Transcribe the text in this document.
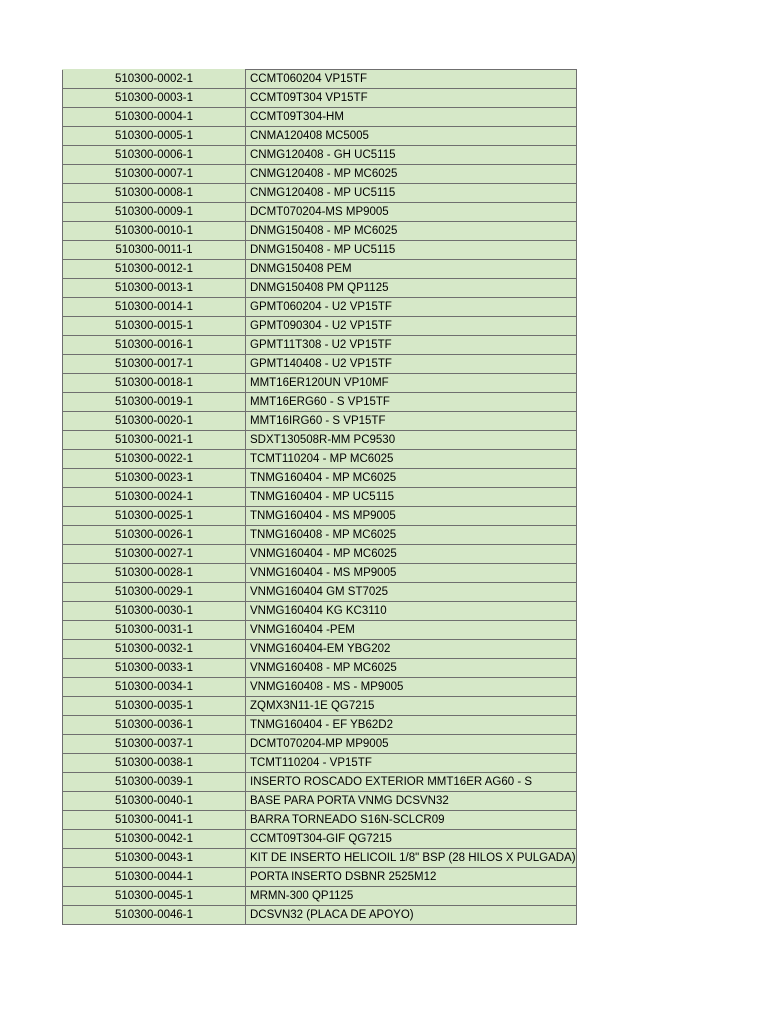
510300-0002-1	CCMT060204 VP15TF
510300-0003-1	CCMT09T304 VP15TF
510300-0004-1	CCMT09T304-HM
510300-0005-1	CNMA120408 MC5005
510300-0006-1	CNMG120408 - GH UC5115
510300-0007-1	CNMG120408 - MP MC6025
510300-0008-1	CNMG120408 - MP UC5115
510300-0009-1	DCMT070204-MS MP9005
510300-0010-1	DNMG150408 - MP MC6025
510300-0011-1	DNMG150408 - MP UC5115
510300-0012-1	DNMG150408 PEM
510300-0013-1	DNMG150408 PM QP1125
510300-0014-1	GPMT060204 - U2 VP15TF
510300-0015-1	GPMT090304 - U2 VP15TF
510300-0016-1	GPMT11T308 - U2 VP15TF
510300-0017-1	GPMT140408 - U2 VP15TF
510300-0018-1	MMT16ER120UN VP10MF
510300-0019-1	MMT16ERG60 - S VP15TF
510300-0020-1	MMT16IRG60 - S VP15TF
510300-0021-1	SDXT130508R-MM PC9530
510300-0022-1	TCMT110204 - MP MC6025
510300-0023-1	TNMG160404 - MP MC6025
510300-0024-1	TNMG160404 - MP UC5115
510300-0025-1	TNMG160404 - MS MP9005
510300-0026-1	TNMG160408 - MP MC6025
510300-0027-1	VNMG160404 - MP MC6025
510300-0028-1	VNMG160404 - MS MP9005
510300-0029-1	VNMG160404 GM ST7025
510300-0030-1	VNMG160404 KG KC3110
510300-0031-1	VNMG160404 -PEM
510300-0032-1	VNMG160404-EM YBG202
510300-0033-1	VNMG160408 - MP MC6025
510300-0034-1	VNMG160408 - MS - MP9005
510300-0035-1	ZQMX3N11-1E QG7215
510300-0036-1	TNMG160404 - EF YB62D2
510300-0037-1	DCMT070204-MP MP9005
510300-0038-1	TCMT110204 - VP15TF
510300-0039-1	INSERTO ROSCADO EXTERIOR MMT16ER AG60 - S
510300-0040-1	BASE PARA PORTA VNMG DCSVN32
510300-0041-1	BARRA TORNEADO S16N-SCLCR09
510300-0042-1	CCMT09T304-GIF QG7215
510300-0043-1	KIT DE INSERTO HELICOIL 1/8" BSP (28 HILOS X PULGADA)
510300-0044-1	PORTA INSERTO DSBNR 2525M12
510300-0045-1	MRMN-300 QP1125
510300-0046-1	DCSVN32 (PLACA DE APOYO)
